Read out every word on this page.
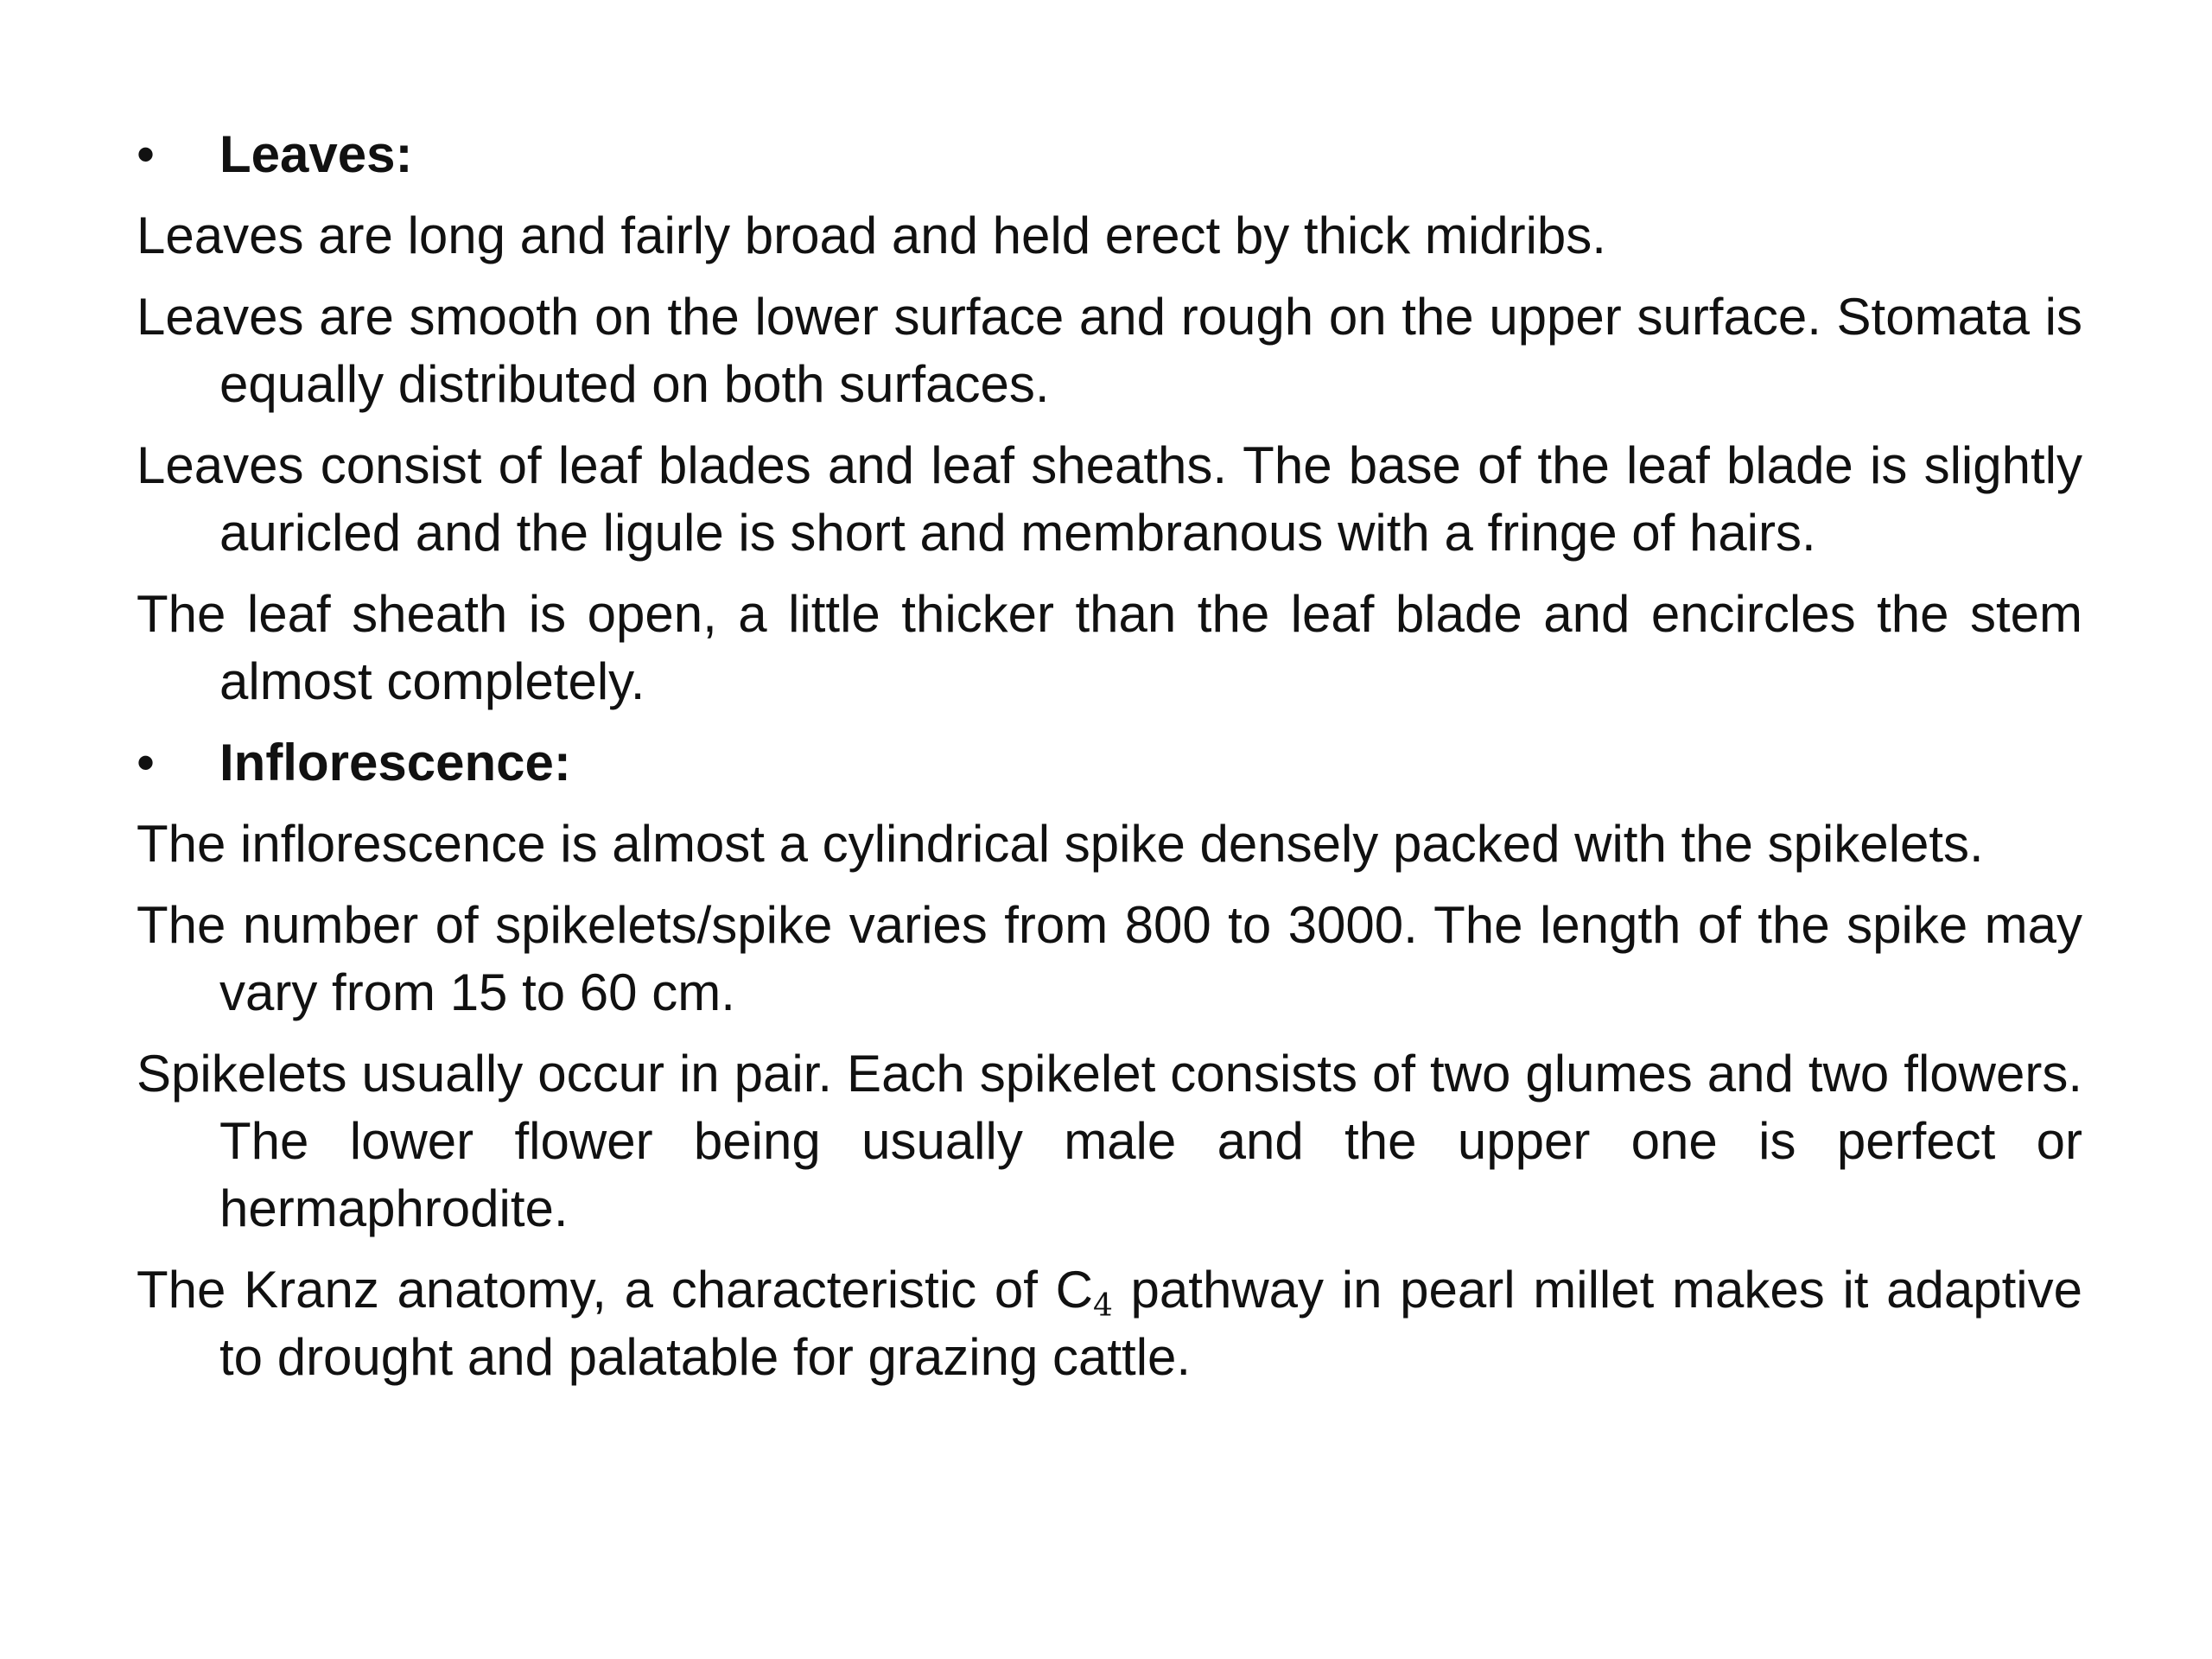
• Leaves:
Leaves are long and fairly broad and held erect by thick midribs.
Leaves are smooth on the lower surface and rough on the upper surface. Stomata is equally distributed on both surfaces.
Leaves consist of leaf blades and leaf sheaths. The base of the leaf blade is slightly auricled and the ligule is short and membranous with a fringe of hairs.
The leaf sheath is open, a little thicker than the leaf blade and encircles the stem almost completely.
• Inflorescence:
The inflorescence is almost a cylindrical spike densely packed with the spikelets.
The number of spikelets/spike varies from 800 to 3000. The length of the spike may vary from 15 to 60 cm.
Spikelets usually occur in pair. Each spikelet consists of two glumes and two flowers. The lower flower being usually male and the upper one is perfect or hermaphrodite.
The Kranz anatomy, a characteristic of $C_4$ pathway in pearl millet makes it adaptive to drought and palatable for grazing cattle.
